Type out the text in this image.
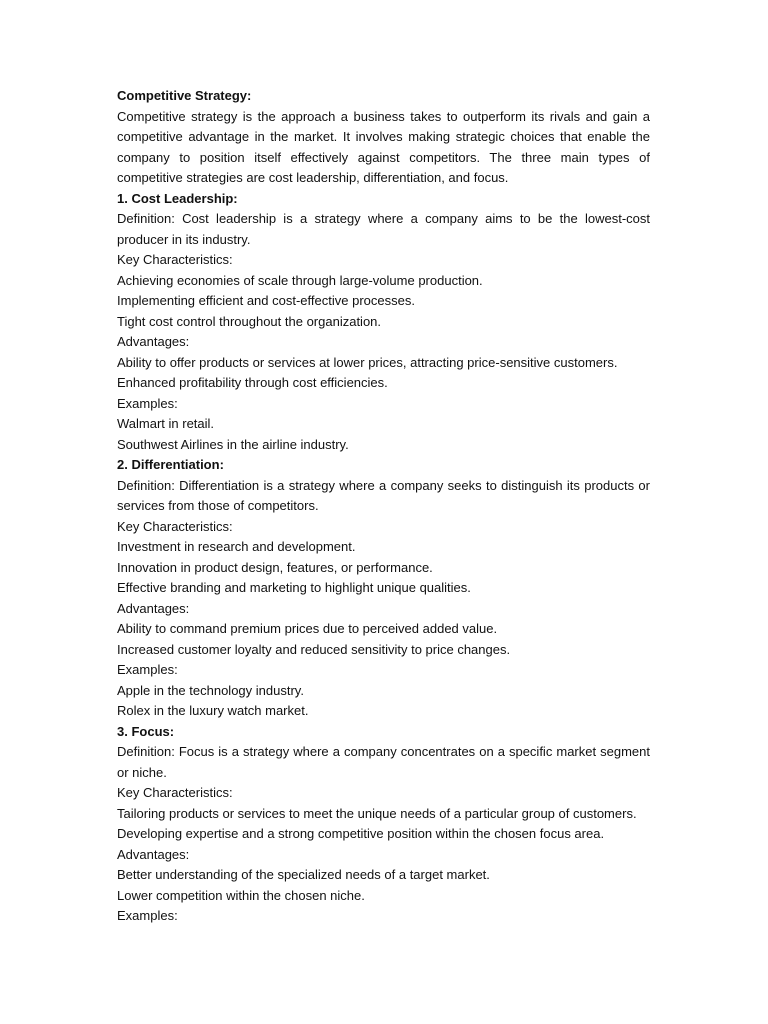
Competitive Strategy:
Competitive strategy is the approach a business takes to outperform its rivals and gain a competitive advantage in the market. It involves making strategic choices that enable the company to position itself effectively against competitors. The three main types of competitive strategies are cost leadership, differentiation, and focus.
1. Cost Leadership:
Definition: Cost leadership is a strategy where a company aims to be the lowest-cost producer in its industry.
Key Characteristics:
Achieving economies of scale through large-volume production.
Implementing efficient and cost-effective processes.
Tight cost control throughout the organization.
Advantages:
Ability to offer products or services at lower prices, attracting price-sensitive customers.
Enhanced profitability through cost efficiencies.
Examples:
Walmart in retail.
Southwest Airlines in the airline industry.
2. Differentiation:
Definition: Differentiation is a strategy where a company seeks to distinguish its products or services from those of competitors.
Key Characteristics:
Investment in research and development.
Innovation in product design, features, or performance.
Effective branding and marketing to highlight unique qualities.
Advantages:
Ability to command premium prices due to perceived added value.
Increased customer loyalty and reduced sensitivity to price changes.
Examples:
Apple in the technology industry.
Rolex in the luxury watch market.
3. Focus:
Definition: Focus is a strategy where a company concentrates on a specific market segment or niche.
Key Characteristics:
Tailoring products or services to meet the unique needs of a particular group of customers.
Developing expertise and a strong competitive position within the chosen focus area.
Advantages:
Better understanding of the specialized needs of a target market.
Lower competition within the chosen niche.
Examples:
